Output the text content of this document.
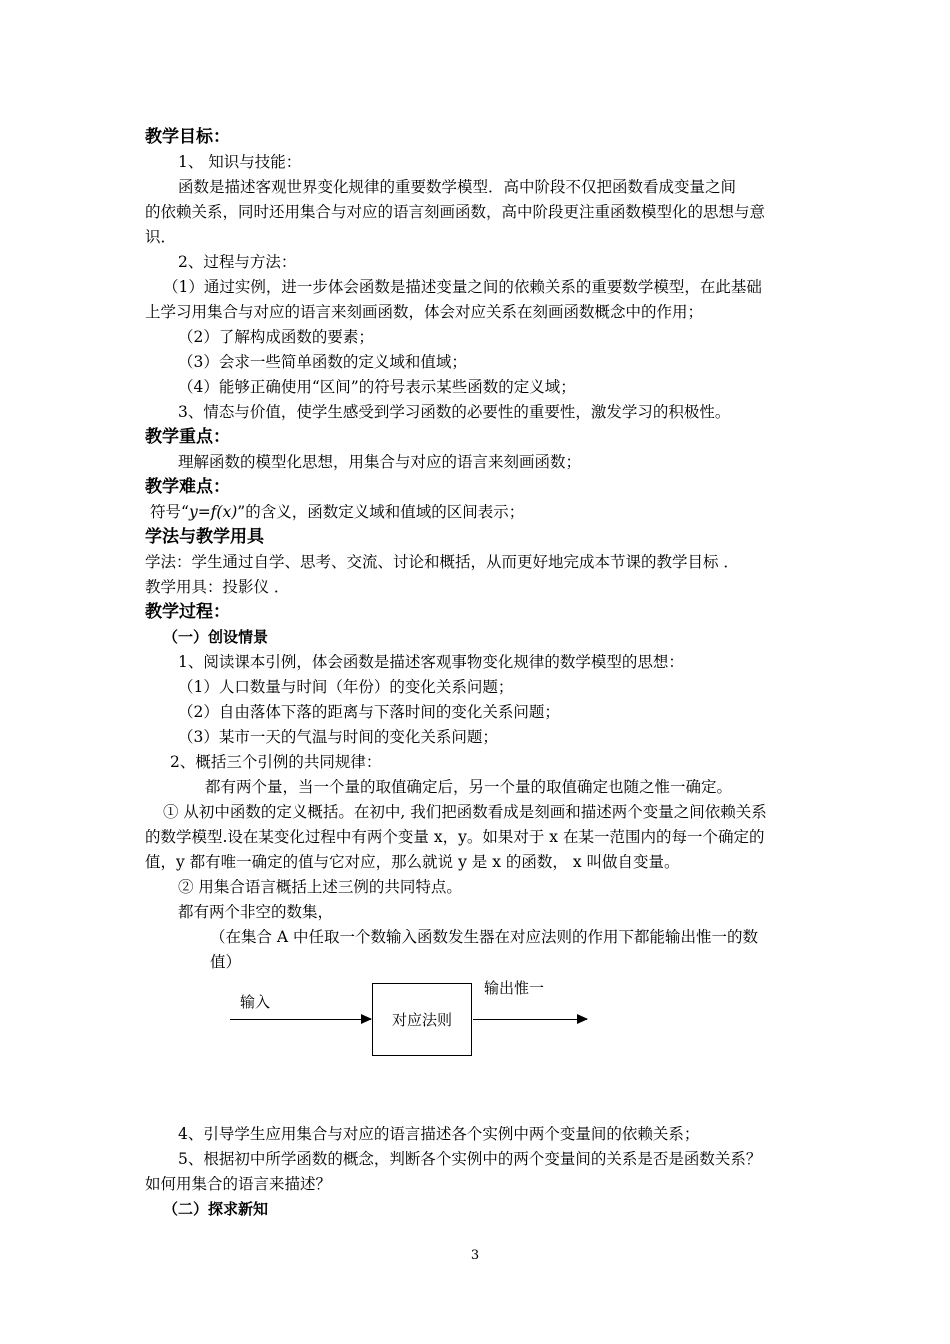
教学目标：
1、 知识与技能：
函数是描述客观世界变化规律的重要数学模型．高中阶段不仅把函数看成变量之间
的依赖关系，同时还用集合与对应的语言刻画函数，高中阶段更注重函数模型化的思想与意
识．
2、过程与方法：
（1）通过实例，进一步体会函数是描述变量之间的依赖关系的重要数学模型，在此基础
上学习用集合与对应的语言来刻画函数，体会对应关系在刻画函数概念中的作用；
（2）了解构成函数的要素；
（3）会求一些简单函数的定义域和值域；
（4）能够正确使用“区间”的符号表示某些函数的定义域；
3、情态与价值，使学生感受到学习函数的必要性的重要性，激发学习的积极性。
教学重点：
理解函数的模型化思想，用集合与对应的语言来刻画函数；
教学难点：
符号“y=f(x)”的含义，函数定义域和值域的区间表示；
学法与教学用具
学法：学生通过自学、思考、交流、讨论和概括，从而更好地完成本节课的教学目标 ．
教学用具：投影仪 ．
教学过程：
（一）创设情景
1、阅读课本引例，体会函数是描述客观事物变化规律的数学模型的思想：
（1）人口数量与时间（年份）的变化关系问题；
（2）自由落体下落的距离与下落时间的变化关系问题；
（3）某市一天的气温与时间的变化关系问题；
2、概括三个引例的共同规律：
都有两个量，当一个量的取值确定后，另一个量的取值确定也随之惟一确定。
① 从初中函数的定义概括。在初中, 我们把函数看成是刻画和描述两个变量之间依赖关系
的数学模型.设在某变化过程中有两个变量 x，y。如果对于 x 在某一范围内的每一个确定的
值，y 都有唯一确定的值与它对应，那么就说 y 是 x 的函数， x 叫做自变量。
② 用集合语言概括上述三例的共同特点。
都有两个非空的数集，
（在集合 A 中任取一个数输入函数发生器在对应法则的作用下都能输出惟一的数
值）
输入
对应法则
输出惟一
4、引导学生应用集合与对应的语言描述各个实例中两个变量间的依赖关系；
5、根据初中所学函数的概念，判断各个实例中的两个变量间的关系是否是函数关系？
如何用集合的语言来描述？
（二）探求新知
3
